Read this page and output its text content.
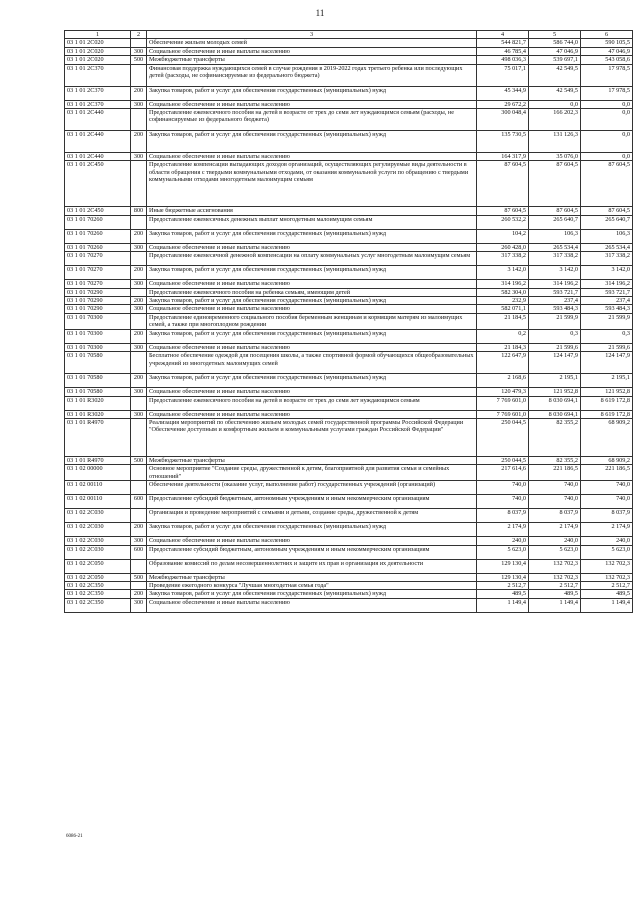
11
1	2	3	4	5	6
03 1 01 2C020		Обеспечение жильем молодых семей	544 821,7	586 744,0	590 105,5
03 1 01 2C020	300	Социальное обеспечение и иные выплаты населению	46 785,4	47 046,9	47 046,9
03 1 01 2C020	500	Межбюджетные трансферты	498 036,3	539 697,1	543 058,6
03 1 01 2C370		Финансовая поддержка нуждающихся семей в случае рождения в 2019-2022 годах третьего ребенка или последующих детей (расходы, не софинансируемые из федерального бюджета)	75 017,1	42 549,5	17 978,5
03 1 01 2C370	200	Закупка товаров, работ и услуг для обеспечения государственных (муниципальных) нужд	45 344,9	42 549,5	17 978,5
03 1 01 2C370	300	Социальное обеспечение и иные выплаты населению	29 672,2	0,0	0,0
03 1 01 2C440		Предоставление ежемесячного пособия на детей в возрасте от трех до семи лет нуждающимся семьям (расходы, не софинансируемые из федерального бюджета)	300 048,4	166 202,3	0,0
03 1 01 2C440	200	Закупка товаров, работ и услуг для обеспечения государственных (муниципальных) нужд	135 730,5	131 126,3	0,0
03 1 01 2C440	300	Социальное обеспечение и иные выплаты населению	164 317,9	35 076,0	0,0
03 1 01 2C450		Предоставление компенсации выпадающих доходов организаций, осуществляющих регулируемые виды деятельности в области обращения с твердыми коммунальными отходами, от оказания коммунальной услуги по обращению с твердыми коммунальными отходами многодетным малоимущим семьям	87 604,5	87 604,5	87 604,5
03 1 01 2C450	800	Иные бюджетные ассигнования	87 604,5	87 604,5	87 604,5
03 1 01 70260		Предоставление ежемесячных денежных выплат многодетным малоимущим семьям	260 532,2	265 640,7	265 640,7
03 1 01 70260	200	Закупка товаров, работ и услуг для обеспечения государственных (муниципальных) нужд	104,2	106,3	106,3
03 1 01 70260	300	Социальное обеспечение и иные выплаты населению	260 428,0	265 534,4	265 534,4
03 1 01 70270		Предоставление ежемесячной денежной компенсации на оплату коммунальных услуг многодетным малоимущим семьям	317 338,2	317 338,2	317 338,2
03 1 01 70270	200	Закупка товаров, работ и услуг для обеспечения государственных (муниципальных) нужд	3 142,0	3 142,0	3 142,0
03 1 01 70270	300	Социальное обеспечение и иные выплаты населению	314 196,2	314 196,2	314 196,2
03 1 01 70290		Предоставление ежемесячного пособия на ребенка семьям, имеющим детей	582 304,0	593 721,7	593 721,7
03 1 01 70290	200	Закупка товаров, работ и услуг для обеспечения государственных (муниципальных) нужд	232,9	237,4	237,4
03 1 01 70290	300	Социальное обеспечение и иные выплаты населению	582 071,1	593 484,3	593 484,3
03 1 01 70300		Предоставление единовременного социального пособия беременным женщинам и кормящим матерям из малоимущих семей, а также при многоплодном рождении	21 184,5	21 599,9	21 599,9
03 1 01 70300	200	Закупка товаров, работ и услуг для обеспечения государственных (муниципальных) нужд	0,2	0,3	0,3
03 1 01 70300	300	Социальное обеспечение и иные выплаты населению	21 184,3	21 599,6	21 599,6
03 1 01 70580		Бесплатное обеспечение одеждой для посещения школы, а также спортивной формой обучающихся общеобразовательных учреждений из многодетных малоимущих семей	122 647,9	124 147,9	124 147,9
03 1 01 70580	200	Закупка товаров, работ и услуг для обеспечения государственных (муниципальных) нужд	2 168,6	2 195,1	2 195,1
03 1 01 70580	300	Социальное обеспечение и иные выплаты населению	120 479,3	121 952,8	121 952,8
03 1 01 R3020		Предоставление ежемесячного пособия на детей в возрасте от трех до семи лет нуждающимся семьям	7 769 601,0	8 030 694,1	8 619 172,8
03 1 01 R3020	300	Социальное обеспечение и иные выплаты населению	7 769 601,0	8 030 694,1	8 619 172,8
03 1 01 R4970		Реализация мероприятий по обеспечению жильем молодых семей государственной программы Российской Федерации "Обеспечение доступным и комфортным жильем и коммунальными услугами граждан Российской Федерации"	250 044,5	82 355,2	68 909,2
03 1 01 R4970	500	Межбюджетные трансферты	250 044,5	82 355,2	68 909,2
03 1 02 00000		Основное мероприятие "Создание среды, дружественной к детям, благоприятной для развития семьи и семейных отношений"	217 614,6	221 186,5	221 186,5
03 1 02 00110		Обеспечение деятельности (оказание услуг, выполнение работ) государственных учреждений (организаций)	740,0	740,0	740,0
03 1 02 00110	600	Предоставление субсидий бюджетным, автономным учреждениям и иным некоммерческим организациям	740,0	740,0	740,0
03 1 02 2C030		Организация и проведение мероприятий с семьями и детьми, создание среды, дружественной к детям	8 037,9	8 037,9	8 037,9
03 1 02 2C030	200	Закупка товаров, работ и услуг для обеспечения государственных (муниципальных) нужд	2 174,9	2 174,9	2 174,9
03 1 02 2C030	300	Социальное обеспечение и иные выплаты населению	240,0	240,0	240,0
03 1 02 2C030	600	Предоставление субсидий бюджетным, автономным учреждениям и иным некоммерческим организациям	5 623,0	5 623,0	5 623,0
03 1 02 2C050		Образование комиссий по делам несовершеннолетних и защите их прав и организация их деятельности	129 130,4	132 702,3	132 702,3
03 1 02 2C050	500	Межбюджетные трансферты	129 130,4	132 702,3	132 702,3
03 1 02 2C350		Проведение ежегодного конкурса "Лучшая многодетная семья года"	2 512,7	2 512,7	2 512,7
03 1 02 2C350	200	Закупка товаров, работ и услуг для обеспечения государственных (муниципальных) нужд	489,5	489,5	489,5
03 1 02 2C350	300	Социальное обеспечение и иные выплаты населению	1 149,4	1 149,4	1 149,4
6086-21
